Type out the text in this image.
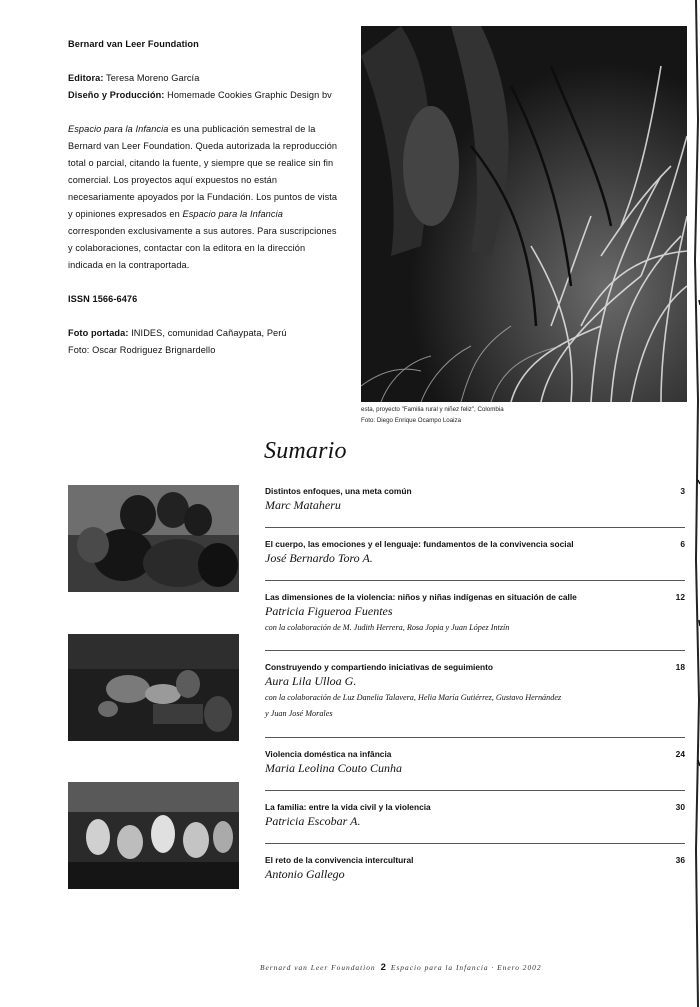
Bernard van Leer Foundation
Editora: Teresa Moreno García
Diseño y Producción: Homemade Cookies Graphic Design bv
Espacio para la Infancia es una publicación semestral de la Bernard van Leer Foundation. Queda autorizada la reproducción total o parcial, citando la fuente, y siempre que se realice sin fin comercial. Los proyectos aquí expuestos no están necesariamente apoyados por la Fundación. Los puntos de vista y opiniones expresados en Espacio para la Infancia corresponden exclusivamente a sus autores. Para suscripciones y colaboraciones, contactar con la editora en la dirección indicada en la contraportada.
ISSN 1566-6476
Foto portada: INIDES, comunidad Cañaypata, Perú
Foto: Oscar Rodriguez Brignardello
esta, proyecto "Familia rural y niñez feliz", Colombia
Foto: Diego Enrique Ocampo Loaiza
Sumario
Distintos enfoques, una meta común	3
Marc Mataheru
El cuerpo, las emociones y el lenguaje: fundamentos de la convivencia social	6
José Bernardo Toro A.
Las dimensiones de la violencia: niños y niñas indígenas en situación de calle	12
Patricia Figueroa Fuentes
con la colaboración de M. Judith Herrera, Rosa Jopia y Juan López Intzín
Construyendo y compartiendo iniciativas de seguimiento	18
Aura Lila Ulloa G.
con la colaboración de Luz Danelia Talavera, Helia María Gutiérrez, Gustavo Hernández y Juan José Morales
Violencia doméstica na infância	24
Maria Leolina Couto Cunha
La familia: entre la vida civil y la violencia	30
Patricia Escobar A.
El reto de la convivencia intercultural	36
Antonio Gallego
Bernard van Leer Foundation 2 Espacio para la Infancia · Enero 2002
